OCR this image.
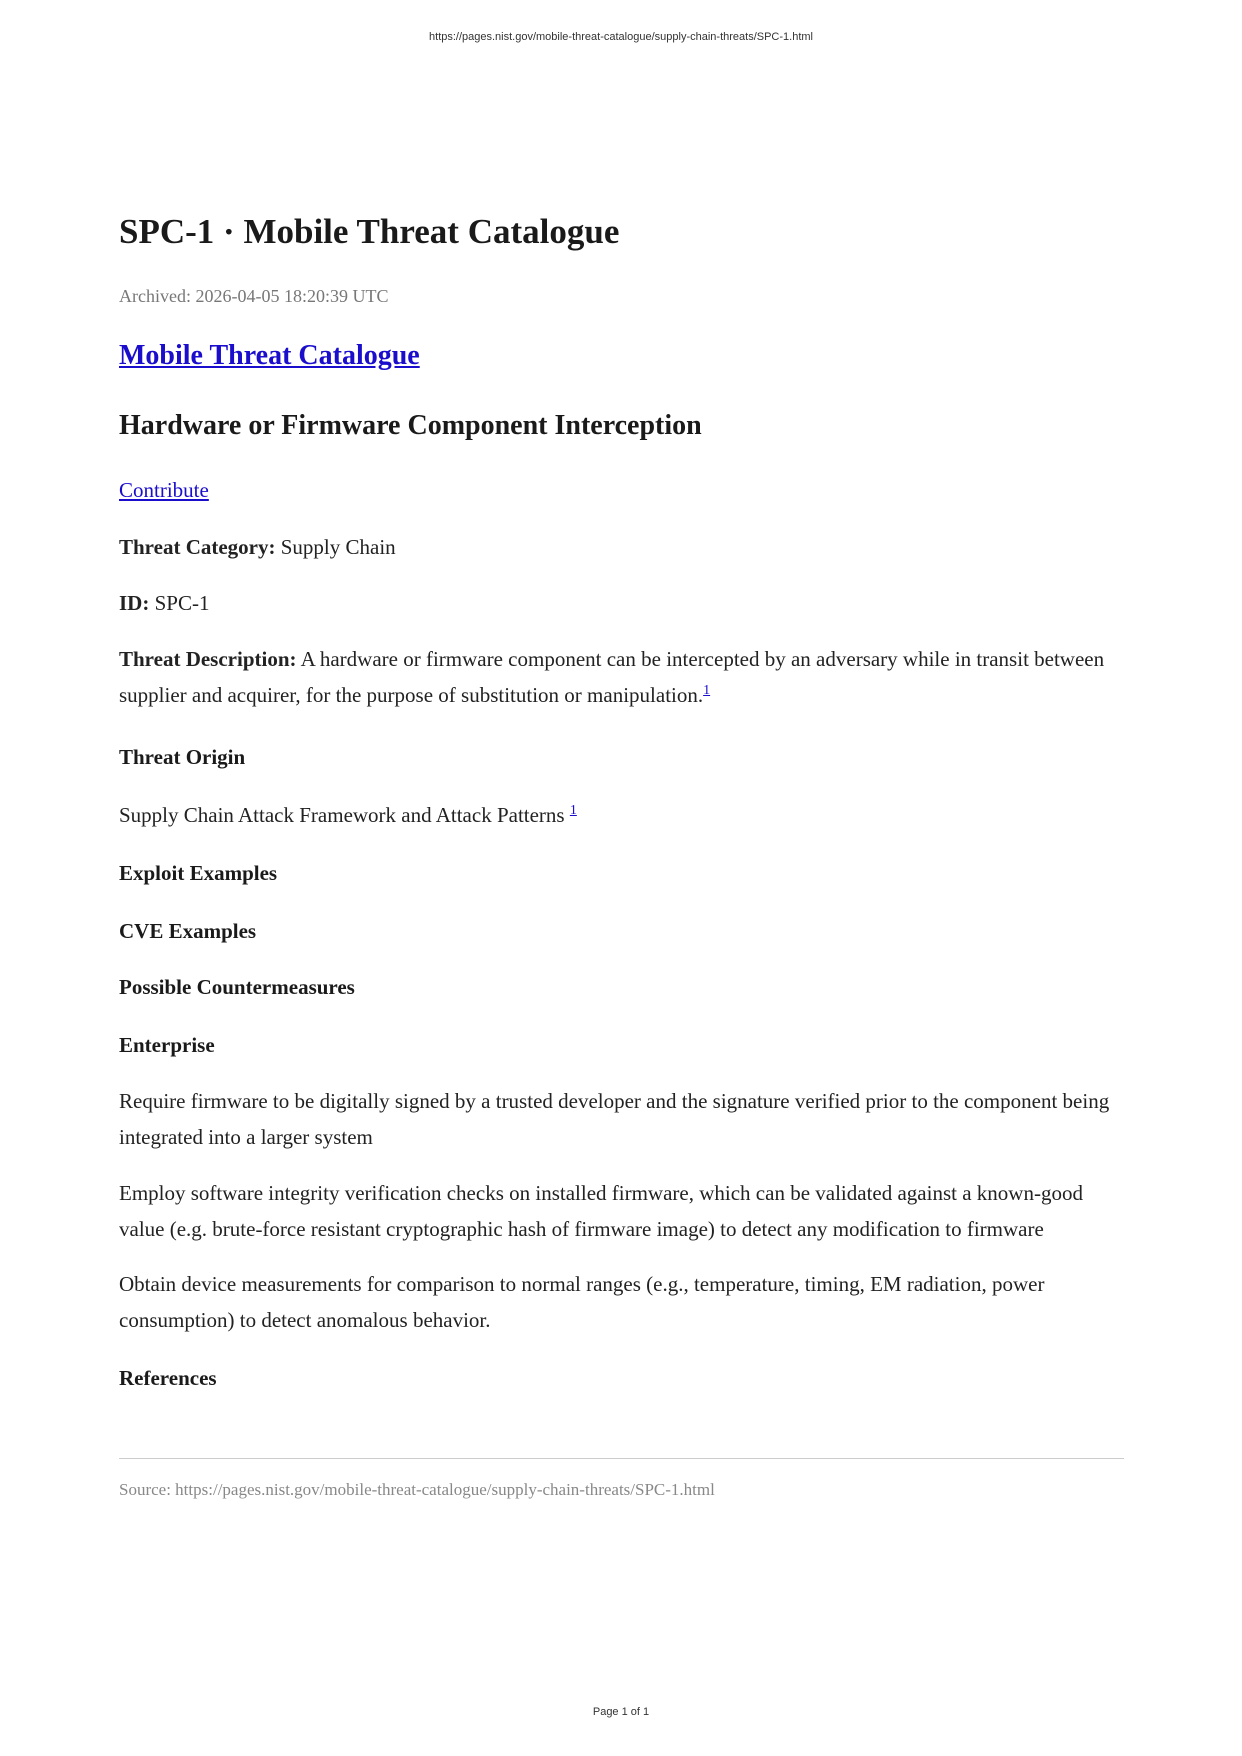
https://pages.nist.gov/mobile-threat-catalogue/supply-chain-threats/SPC-1.html
SPC-1 · Mobile Threat Catalogue

Archived: 2026-04-05 18:20:39 UTC

Mobile Threat Catalogue
Hardware or Firmware Component Interception

Contribute

Threat Category: Supply Chain

ID: SPC-1

Threat Description: A hardware or firmware component can be intercepted by an adversary while in transit between supplier and acquirer, for the purpose of substitution or manipulation.$^1$

Threat Origin

Supply Chain Attack Framework and Attack Patterns $^1$

Exploit Examples
CVE Examples
Possible Countermeasures
Enterprise

Require firmware to be digitally signed by a trusted developer and the signature verified prior to the component being integrated into a larger system

Employ software integrity verification checks on installed firmware, which can be validated against a known-good value (e.g. brute-force resistant cryptographic hash of firmware image) to detect any modification to firmware

Obtain device measurements for comparison to normal ranges (e.g., temperature, timing, EM radiation, power consumption) to detect anomalous behavior.

References

Source: https://pages.nist.gov/mobile-threat-catalogue/supply-chain-threats/SPC-1.html

Page 1 of 1
